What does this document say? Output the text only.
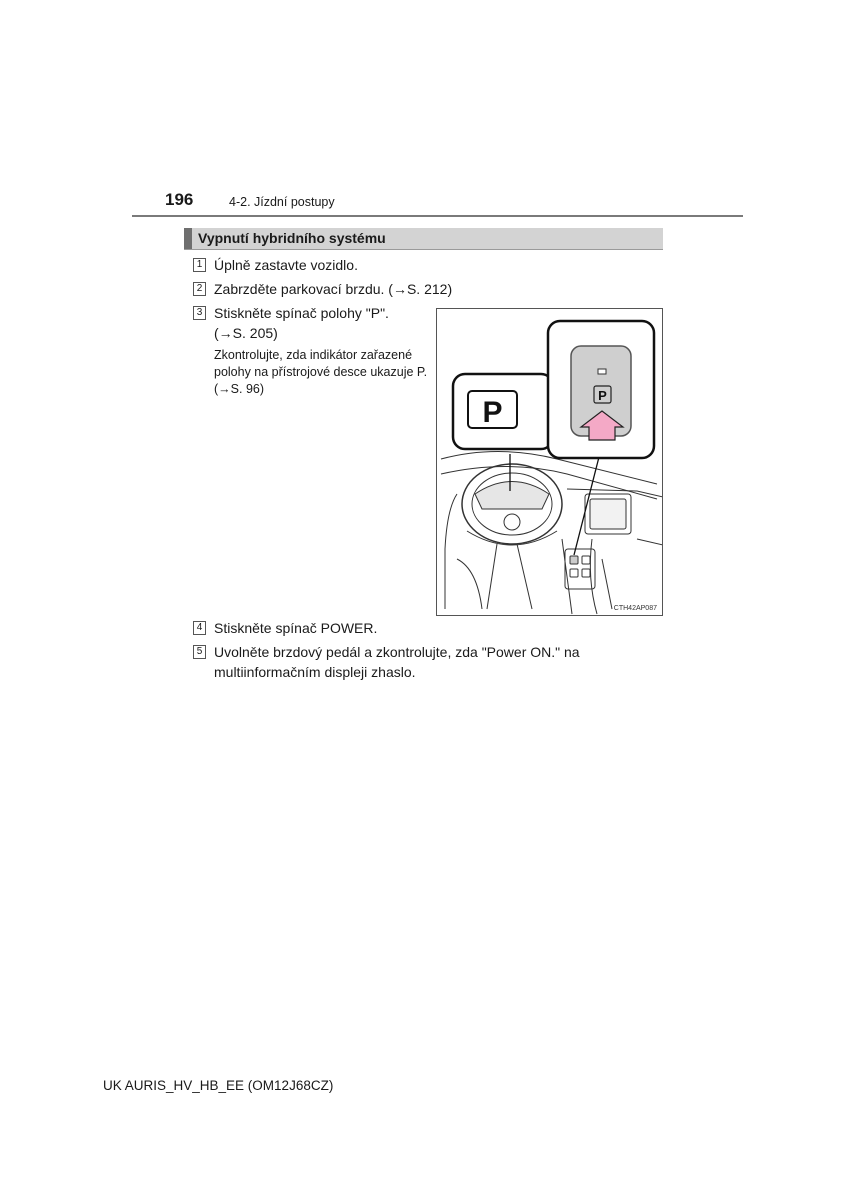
196	4-2. Jízdní postupy
Vypnutí hybridního systému
1 Úplně zastavte vozidlo.
2 Zabrzděte parkovací brzdu. (→S. 212)
3 Stiskněte spínač polohy "P".
(→S. 205)
Zkontrolujte, zda indikátor zařazené polohy na přístrojové desce ukazuje P. (→S. 96)
P
P
CTH42AP087
4 Stiskněte spínač POWER.
5 Uvolněte brzdový pedál a zkontrolujte, zda "Power ON." na multiinformačním displeji zhaslo.
UK AURIS_HV_HB_EE (OM12J68CZ)
